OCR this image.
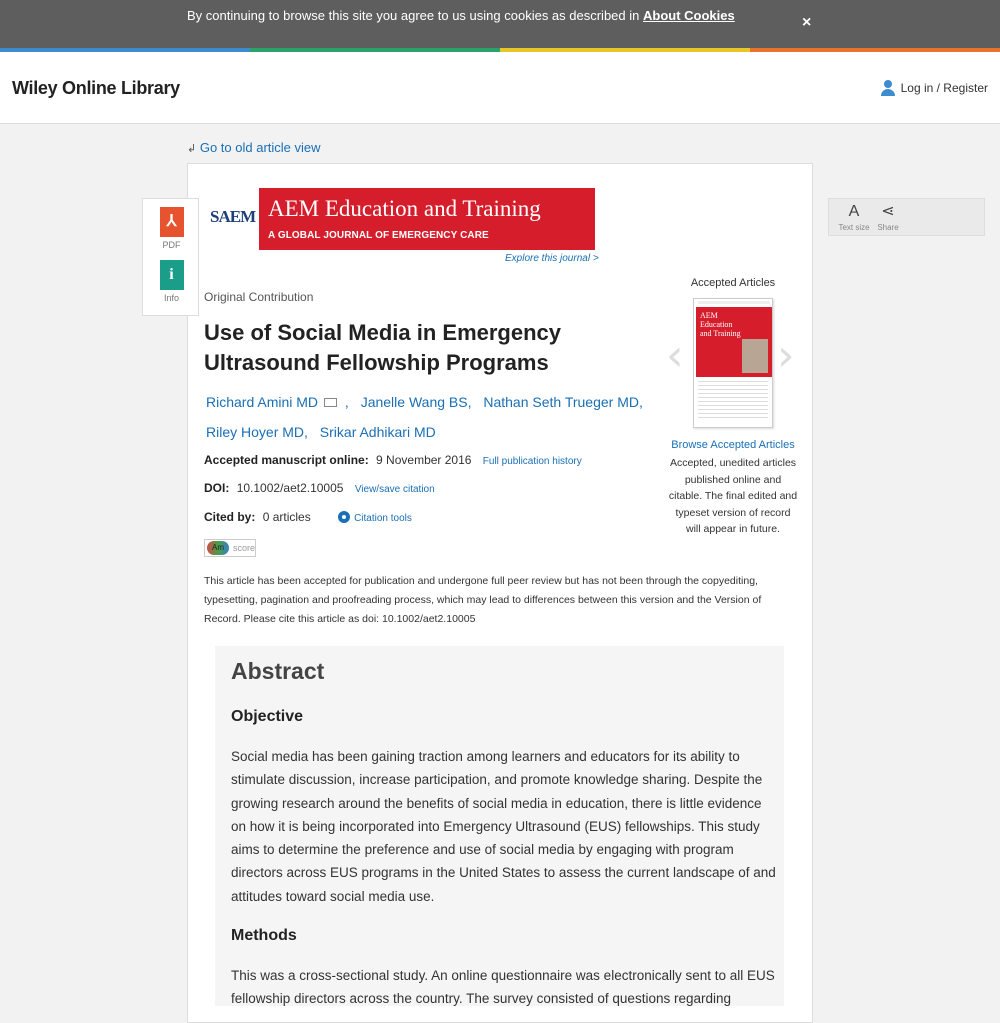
By continuing to browse this site you agree to us using cookies as described in About Cookies	×
Wiley Online Library	Log in / Register
↲ Go to old article view
⅄
PDF
i
Info
SAEM AEM Education and Training
A GLOBAL JOURNAL OF EMERGENCY CARE
Explore this journal >
Original Contribution
Use of Social Media in Emergency Ultrasound Fellowship Programs
Richard Amini MD , Janelle Wang BS, Nathan Seth Trueger MD,
Riley Hoyer MD, Srikar Adhikari MD
Accepted manuscript online: 9 November 2016 Full publication history
DOI: 10.1002/aet2.10005 View/save citation
Cited by: 0 articles	Citation tools
Am	score

This article has been accepted for publication and undergone full peer review but has not been through the copyediting, typesetting, pagination and proofreading process, which may lead to differences between this version and the Version of Record. Please cite this article as doi: 10.1002/aet2.10005

Accepted Articles
‹
AEM Education and Training ›
Browse Accepted Articles

Accepted, unedited articles published online and citable. The final edited and typeset version of record will appear in future.

A
Text size
⋖
Share
Abstract
Objective

Social media has been gaining traction among learners and educators for its ability to stimulate discussion, increase participation, and promote knowledge sharing. Despite the growing research around the benefits of social media in education, there is little evidence on how it is being incorporated into Emergency Ultrasound (EUS) fellowships. This study aims to determine the preference and use of social media by engaging with program directors across EUS programs in the United States to assess the current landscape of and attitudes toward social media use.

Methods

This was a cross-sectional study. An online questionnaire was electronically sent to all EUS fellowship directors across the country. The survey consisted of questions regarding
